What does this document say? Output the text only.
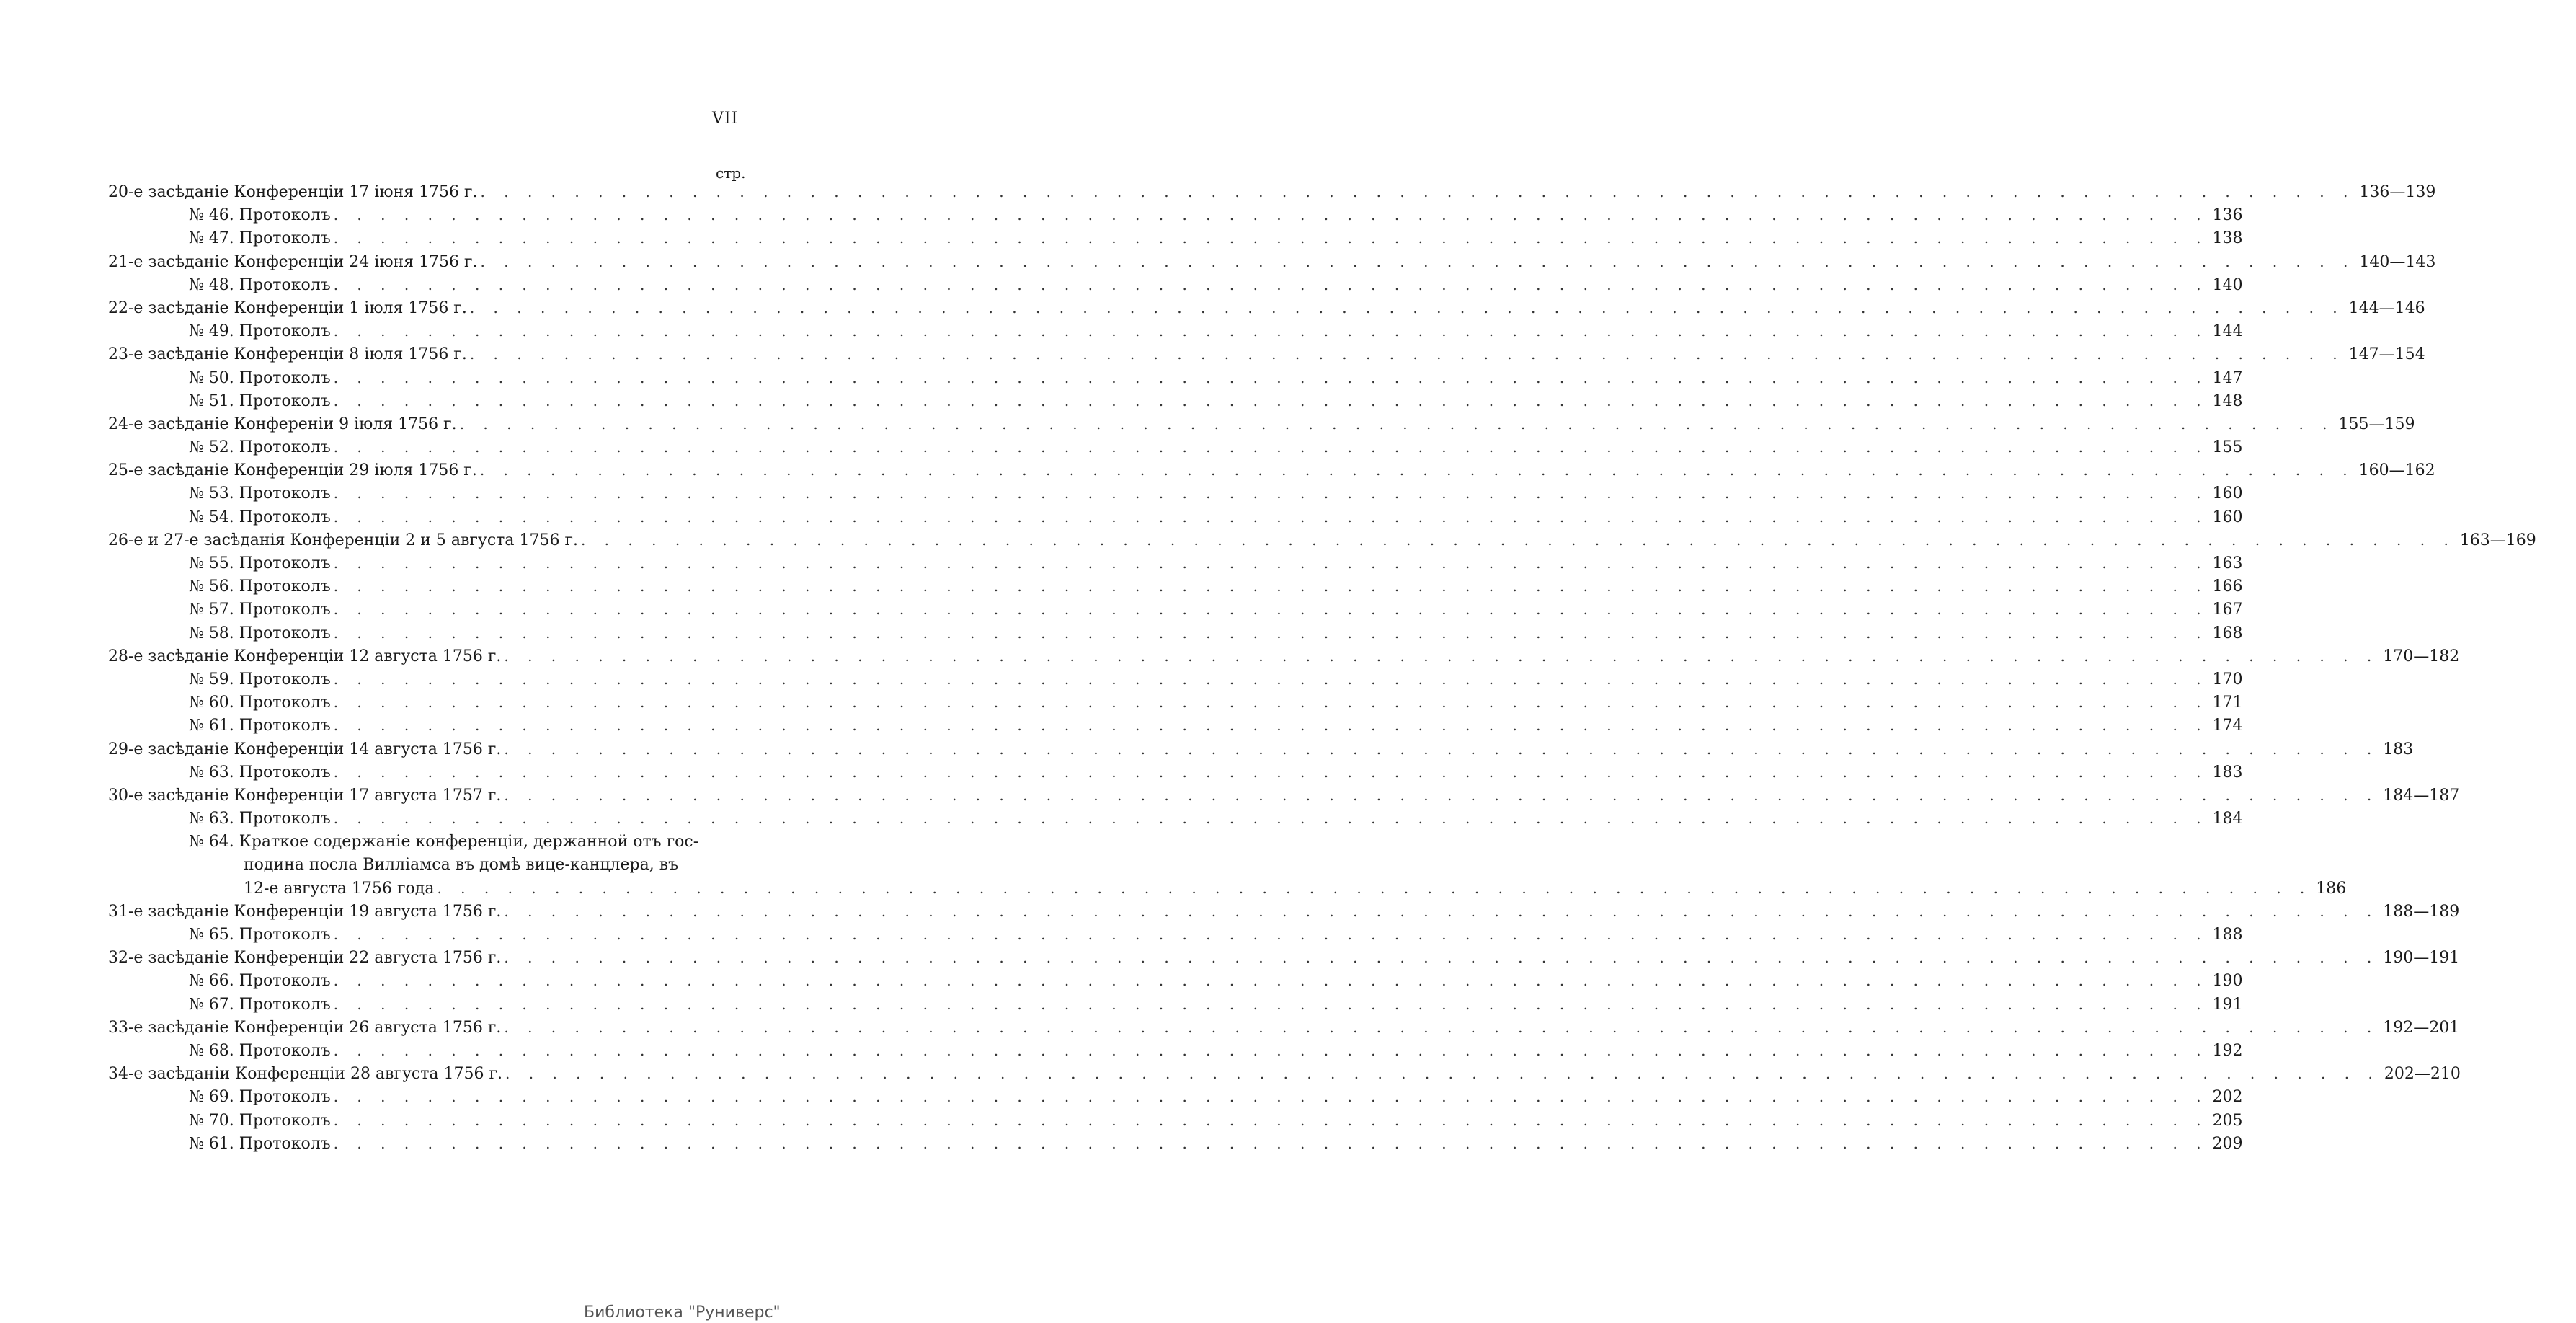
VII
стр.
20-е засѣданіе Конференціи 17 іюня 1756 г. . . . . . . . . . . . . . . . . . . . . . . . . . . . . . . . . . . . . . . . . . . . . . . . . . . . . . . . . . . . . . . . . . . . . . . . . . . . . . . . . 136—139
№ 46. Протоколъ . . . . . . . . . . . . . . . . . . . . . . . . . . . . . . . . . . . . . . . . . . . . . . . . . . . . . . . . . . . . . . . . . . . . . . . . . . . . . . . . 136
№ 47. Протоколъ . . . . . . . . . . . . . . . . . . . . . . . . . . . . . . . . . . . . . . . . . . . . . . . . . . . . . . . . . . . . . . . . . . . . . . . . . . . . . . . . 138
21-е засѣданіе Конференціи 24 іюня 1756 г. . . . . . . . . . . . . . . . . . . . . . . . . . . . . . . . . . . . . . . . . . . . . . . . . . . . . . . . . . . . . . . . . . . . . . . . . . . . . . . . . 140—143
№ 48. Протоколъ . . . . . . . . . . . . . . . . . . . . . . . . . . . . . . . . . . . . . . . . . . . . . . . . . . . . . . . . . . . . . . . . . . . . . . . . . . . . . . . . 140
22-е засѣданіе Конференціи 1 іюля 1756 г. . . . . . . . . . . . . . . . . . . . . . . . . . . . . . . . . . . . . . . . . . . . . . . . . . . . . . . . . . . . . . . . . . . . . . . . . . . . . . . . . 144—146
№ 49. Протоколъ . . . . . . . . . . . . . . . . . . . . . . . . . . . . . . . . . . . . . . . . . . . . . . . . . . . . . . . . . . . . . . . . . . . . . . . . . . . . . . . . 144
23-е засѣданіе Конференціи 8 іюля 1756 г. . . . . . . . . . . . . . . . . . . . . . . . . . . . . . . . . . . . . . . . . . . . . . . . . . . . . . . . . . . . . . . . . . . . . . . . . . . . . . . . . 147—154
№ 50. Протоколъ . . . . . . . . . . . . . . . . . . . . . . . . . . . . . . . . . . . . . . . . . . . . . . . . . . . . . . . . . . . . . . . . . . . . . . . . . . . . . . . . 147
№ 51. Протоколъ . . . . . . . . . . . . . . . . . . . . . . . . . . . . . . . . . . . . . . . . . . . . . . . . . . . . . . . . . . . . . . . . . . . . . . . . . . . . . . . . 148
24-е засѣданіе Конференіи 9 іюля 1756 г. . . . . . . . . . . . . . . . . . . . . . . . . . . . . . . . . . . . . . . . . . . . . . . . . . . . . . . . . . . . . . . . . . . . . . . . . . . . . . . . . 155—159
№ 52. Протоколъ . . . . . . . . . . . . . . . . . . . . . . . . . . . . . . . . . . . . . . . . . . . . . . . . . . . . . . . . . . . . . . . . . . . . . . . . . . . . . . . . 155
25-е засѣданіе Конференціи 29 іюля 1756 г. . . . . . . . . . . . . . . . . . . . . . . . . . . . . . . . . . . . . . . . . . . . . . . . . . . . . . . . . . . . . . . . . . . . . . . . . . . . . . . . . 160—162
№ 53. Протоколъ . . . . . . . . . . . . . . . . . . . . . . . . . . . . . . . . . . . . . . . . . . . . . . . . . . . . . . . . . . . . . . . . . . . . . . . . . . . . . . . . 160
№ 54. Протоколъ . . . . . . . . . . . . . . . . . . . . . . . . . . . . . . . . . . . . . . . . . . . . . . . . . . . . . . . . . . . . . . . . . . . . . . . . . . . . . . . . 160
26-е и 27-е засѣданія Конференціи 2 и 5 августа 1756 г. . . . . . . . . . . . . . . . . . . . . . . . . . . . . . . . . . . . . . . . . . . . . . . . . . . . . . . . . . . . . . . . . . . . . . . . . . . . . . . . . 163—169
№ 55. Протоколъ . . . . . . . . . . . . . . . . . . . . . . . . . . . . . . . . . . . . . . . . . . . . . . . . . . . . . . . . . . . . . . . . . . . . . . . . . . . . . . . . 163
№ 56. Протоколъ . . . . . . . . . . . . . . . . . . . . . . . . . . . . . . . . . . . . . . . . . . . . . . . . . . . . . . . . . . . . . . . . . . . . . . . . . . . . . . . . 166
№ 57. Протоколъ . . . . . . . . . . . . . . . . . . . . . . . . . . . . . . . . . . . . . . . . . . . . . . . . . . . . . . . . . . . . . . . . . . . . . . . . . . . . . . . . 167
№ 58. Протоколъ . . . . . . . . . . . . . . . . . . . . . . . . . . . . . . . . . . . . . . . . . . . . . . . . . . . . . . . . . . . . . . . . . . . . . . . . . . . . . . . . 168
28-е засѣданіе Конференціи 12 августа 1756 г. . . . . . . . . . . . . . . . . . . . . . . . . . . . . . . . . . . . . . . . . . . . . . . . . . . . . . . . . . . . . . . . . . . . . . . . . . . . . . . . . 170—182
№ 59. Протоколъ . . . . . . . . . . . . . . . . . . . . . . . . . . . . . . . . . . . . . . . . . . . . . . . . . . . . . . . . . . . . . . . . . . . . . . . . . . . . . . . . 170
№ 60. Протоколъ . . . . . . . . . . . . . . . . . . . . . . . . . . . . . . . . . . . . . . . . . . . . . . . . . . . . . . . . . . . . . . . . . . . . . . . . . . . . . . . . 171
№ 61. Протоколъ . . . . . . . . . . . . . . . . . . . . . . . . . . . . . . . . . . . . . . . . . . . . . . . . . . . . . . . . . . . . . . . . . . . . . . . . . . . . . . . . 174
29-е засѣданіе Конференціи 14 августа 1756 г. . . . . . . . . . . . . . . . . . . . . . . . . . . . . . . . . . . . . . . . . . . . . . . . . . . . . . . . . . . . . . . . . . . . . . . . . . . . . . . . . 183
№ 63. Протоколъ . . . . . . . . . . . . . . . . . . . . . . . . . . . . . . . . . . . . . . . . . . . . . . . . . . . . . . . . . . . . . . . . . . . . . . . . . . . . . . . . 183
30-е засѣданіе Конференціи 17 августа 1757 г. . . . . . . . . . . . . . . . . . . . . . . . . . . . . . . . . . . . . . . . . . . . . . . . . . . . . . . . . . . . . . . . . . . . . . . . . . . . . . . . . 184—187
№ 63. Протоколъ . . . . . . . . . . . . . . . . . . . . . . . . . . . . . . . . . . . . . . . . . . . . . . . . . . . . . . . . . . . . . . . . . . . . . . . . . . . . . . . . 184
№ 64. Краткое содержаніе конференціи, держанной отъ гос-
подина посла Вилліамса въ домѣ вице-канцлера, въ
12-е августа 1756 года . . . . . . . . . . . . . . . . . . . . . . . . . . . . . . . . . . . . . . . . . . . . . . . . . . . . . . . . . . . . . . . . . . . . . . . . . . . . . . . . 186
31-е засѣданіе Конференціи 19 августа 1756 г. . . . . . . . . . . . . . . . . . . . . . . . . . . . . . . . . . . . . . . . . . . . . . . . . . . . . . . . . . . . . . . . . . . . . . . . . . . . . . . . . 188—189
№ 65. Протоколъ . . . . . . . . . . . . . . . . . . . . . . . . . . . . . . . . . . . . . . . . . . . . . . . . . . . . . . . . . . . . . . . . . . . . . . . . . . . . . . . . 188
32-е засѣданіе Конференціи 22 августа 1756 г. . . . . . . . . . . . . . . . . . . . . . . . . . . . . . . . . . . . . . . . . . . . . . . . . . . . . . . . . . . . . . . . . . . . . . . . . . . . . . . . . 190—191
№ 66. Протоколъ . . . . . . . . . . . . . . . . . . . . . . . . . . . . . . . . . . . . . . . . . . . . . . . . . . . . . . . . . . . . . . . . . . . . . . . . . . . . . . . . 190
№ 67. Протоколъ . . . . . . . . . . . . . . . . . . . . . . . . . . . . . . . . . . . . . . . . . . . . . . . . . . . . . . . . . . . . . . . . . . . . . . . . . . . . . . . . 191
33-е засѣданіе Конференціи 26 августа 1756 г. . . . . . . . . . . . . . . . . . . . . . . . . . . . . . . . . . . . . . . . . . . . . . . . . . . . . . . . . . . . . . . . . . . . . . . . . . . . . . . . . 192—201
№ 68. Протоколъ . . . . . . . . . . . . . . . . . . . . . . . . . . . . . . . . . . . . . . . . . . . . . . . . . . . . . . . . . . . . . . . . . . . . . . . . . . . . . . . . 192
34-е засѣданіи Конференціи 28 августа 1756 г. . . . . . . . . . . . . . . . . . . . . . . . . . . . . . . . . . . . . . . . . . . . . . . . . . . . . . . . . . . . . . . . . . . . . . . . . . . . . . . . . 202—210
№ 69. Протоколъ . . . . . . . . . . . . . . . . . . . . . . . . . . . . . . . . . . . . . . . . . . . . . . . . . . . . . . . . . . . . . . . . . . . . . . . . . . . . . . . . 202
№ 70. Протоколъ . . . . . . . . . . . . . . . . . . . . . . . . . . . . . . . . . . . . . . . . . . . . . . . . . . . . . . . . . . . . . . . . . . . . . . . . . . . . . . . . 205
№ 61. Протоколъ . . . . . . . . . . . . . . . . . . . . . . . . . . . . . . . . . . . . . . . . . . . . . . . . . . . . . . . . . . . . . . . . . . . . . . . . . . . . . . . . 209
Библиотека "Руниверс"
